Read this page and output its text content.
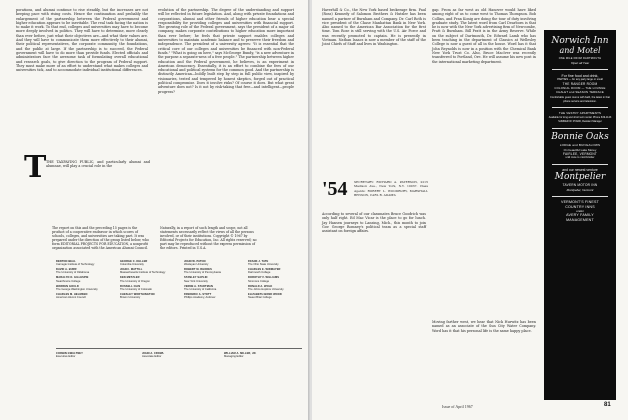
porations, and alumni continue to rise steadily, but the increases are not keeping pace with rising costs. Hence the continuation and probably the enlargement of the partnership between the Federal government and higher education appears to be inevitable. The real task facing the nation is to make it work. To that end, colleges and universities may have to become more deeply involved in politics. They will have to determine, more clearly than ever before, just what their objectives are—and what their values are. And they will have to communicate them more effectively to their alumni, their political representatives, the corporate community, the foundations, and the public at large. If the partnership is to succeed, the Federal government will have to do more than provide funds. Elected officials and administrators face the awesome task of formulating overall educational and research goals, to give direction to the program of Federal support. They must make more of an effort to understand what makes colleges and universities tick, and to accommodate individual institutional differences.
evolution of the partnership. The degree of the understanding and support will be reflected in future legislation. And, along with private foundations and corporations, alumni and other friends of higher education bear a special responsibility for providing colleges and universities with financial support. The growing role of the Federal government, says the president of a major oil company, makes corporate contributions to higher education more important than ever before; he feels that private support enables colleges and universities to maintain academic balance and to preserve their freedom and independence. The president of a university agrees: "It is essential that the critical core of our colleges and universities be financed with non-Federal funds." "What is going on here," says McGeorge Bundy, "is a new adventure in the purpose a separate-ness of a free people." The partnership between higher education and the Federal government, he believes, is an experiment in American democracy. Essentially, it is an effort to combine the fees of our educational and political systems for the common good. And the partnership is distinctly American—boldly built step by step in full public view, inspired by visionaries, tested and tempered by honest skeptics, forged out of practical political compromise. Does it involve risks? Of course it does. But what great adventure does not? Is it not by risk-taking that free—and intelligent—people progress?
T THE TAXPAYING PUBLIC, and particularly alumni and alumnae, will play a crucial role in the
The report on this and the preceding 15 pages is the product of a cooperative endeavor in which scores of schools, colleges, and universities are taking part. It was prepared under the direction of the group listed below, who form EDITORIAL PROJECTS FOR EDUCATION, a nonprofit organization associated with the American Alumni Council.
Naturally, in a report of such length and scope, not all statements necessarily reflect the views of all the persons involved, or of their institutions. Copyright © 1967 by Editorial Projects for Education, Inc. All rights reserved; no part may be reproduced without the express permission of the editors. Printed in U.S.A.
DENTON BEAL
Carnegie Institute of Technology
DAVID A. BURR
The University of Oklahoma
MARALYN O. GILLESPIE
Swarthmore College
WARREN GOULD
The George Washington University
CHARLES M. HELMKEN
American Alumni Council
GEORGE C. KELLER
Columbia University
JOHN I. MATTILL
Massachusetts Institute of Technology
KEN METZLER
The University of Oregon
RUSSELL OLIN
The University of Colorado
CHESLEY WORTHINGTON
Brown University
JOHN W. PATON
Wesleyan University
ROBERT M. RHODES
The University of Pennsylvania
STANLEY SAPLIN
New York University
VERNE A. STADTMAN
The University of California
FREDERIC A. STOTT
Phillips Academy, Andover
FRANK J. TATE
The Ohio State University
CHARLES E. WIDMAYER
Dartmouth College
DOROTHY F. WILLIAMS
Simmons College
RONALD A. WOLK
The Johns Hopkins University
ELIZABETH BOND WOOD
Sweet Briar College
CORBIN GWALTNEY
Executive Editor
JOHN A. CROWL
Associate Editor
WILLIAM A. MILLER, JR.
Managing Editor
Haverhill & Co., the New York based brokerage firm. Paul (Ross) Kennedy of Salomon Brothers & Hutzler has been named a partner of Burnham and Company. Dr. Carl Roth is vice president of the Chase Manhattan Bank in New York. Also named to the American Bar Association for the first time. Tom Rose is still serving with the U.S. Air Force and was recently promoted to captain. He is presently in Vietnam. Nathan Isaacs is now a member of the staff of the Joint Chiefs of Staff and lives in Washington.
'54 SECRETARY: RICHARD A. PATERSON, 2215 Madison Ave., New York, N.Y. 10037. Class Agents: ROBERT L. WOODBURY, MARSHALL BENSON, CARL B. ADAMS.
According to several of our classmates Bruce Goodrich was only half right. Ed Mac Vicar is the place to go for lunch. Jay Hansen journeys to Lansing, Mich., this month to join Gov. George Romney's political team as a special staff assistant on foreign affairs.
gap. From as far west as old Hanover would have liked among eight of us to come west to Thomas Thompson. Bob Collins, and Fran Konig are doing the tour of duty involving graduate study. The latest word from Carl Dearborn is that he is now with the New York advertising firm of Newcombe, Pratt & Burnham. Bill Pratt is in the Army Reserve. While on the subject of Dartmouth, Dr. Edward Lamb who has been teaching in the department of Classics at Wellesley College is now a guest of all in the house. Word has it that John Reynolds is now in a position with the Chemical Bank New York Trust Co. Also, Bruce MacIver was recently transferred to Portland, Ore. He will assume his new post in the international marketing department.
Moving farther west, we hear that Nick Hurwitz has been named as an associate of the Sun City Water Company. Word has it that his personal life is the same happy place.
Issue of April 1967	81
Norwich Inn
and Motel
ONE MILE FROM DARTMOUTH
Open all Year
For fine food and drink,
PARTIES — for any party large or small
THE RANGER ROOM
COLONIAL ROOM — THE LOUNGE
CHALET and SEASON TERRACE
Comfortable guest rooms with bath, the latest in that phone service and television.
THE VESTRY APARTMENTS
Available for long and short term rental. Phone 649-1143
SUMNER W. DYAND, Resident Manager
Bonnie Oaks
LODGE and BUNGALOWS
On beautiful Lake Morey
FAIRLEE, VERMONT
until June to mid-October
and our newest venture
Montpelier
TAVERN MOTOR INN
Montpelier, Vermont
VERMONT'S FINEST
COUNTRY INNS
under
AVERY FAMILY
MANAGEMENT
